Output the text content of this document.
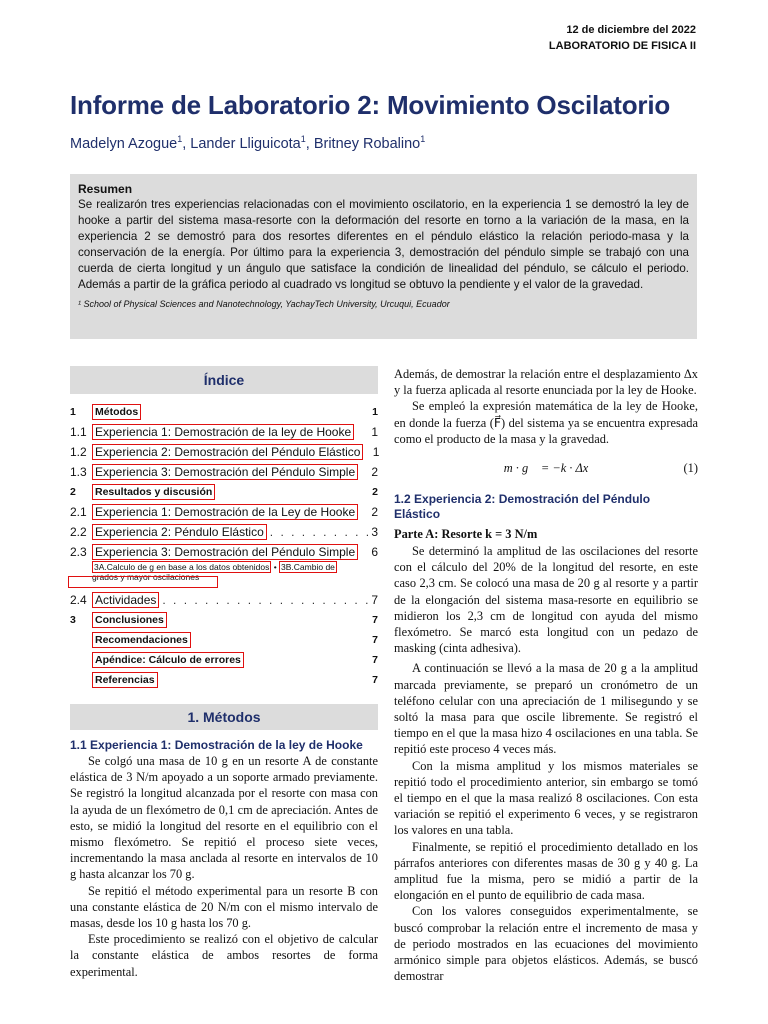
12 de diciembre del 2022
LABORATORIO DE FISICA II
Informe de Laboratorio 2: Movimiento Oscilatorio
Madelyn Azogue$^1$, Lander Lliguicota$^1$, Britney Robalino$^1$
Resumen
Se realizarón tres experiencias relacionadas con el movimiento oscilatorio, en la experiencia 1 se demostró la ley de hooke a partir del sistema masa-resorte con la deformación del resorte en torno a la variación de la masa, en la experiencia 2 se demostró para dos resortes diferentes en el péndulo elástico la relación periodo-masa y la conservación de la energía. Por último para la experiencia 3, demostración del péndulo simple se trabajó con una cuerda de cierta longitud y un ángulo que satisface la condición de linealidad del péndulo, se cálculo el periodo. Además a partir de la gráfica periodo al cuadrado vs longitud se obtuvo la pendiente y el valor de la gravedad.
¹ School of Physical Sciences and Nanotechnology, YachayTech University, Urcuqui, Ecuador
Índice
1	Métodos	1
1.1 Experiencia 1: Demostración de la ley de Hooke 1
1.2 Experiencia 2: Demostración del Péndulo Elástico 1
1.3 Experiencia 3: Demostración del Péndulo Simple 2
2	Resultados y discusión	2
2.1 Experiencia 1: Demostración de la Ley de Hooke 2
2.2 Experiencia 2: Péndulo Elástico . . .	3
2.3 Experiencia 3: Demostración del Péndulo Simple 6
3A.Calculo de g en base a los datos obtenidos • 3B.Cambio de
grados y mayor oscilaciones
2.4 Actividades . . .	7
3	Conclusiones	7
Recomendaciones	7
Apéndice: Cálculo de errores	7
Referencias	7
1. Métodos
1.1 Experiencia 1: Demostración de la ley de Hooke

Se colgó una masa de 10 g en un resorte A de constante elástica de 3 N/m apoyado a un soporte armado previamente. Se registró la longitud alcanzada por el resorte con masa con la ayuda de un flexómetro de 0,1 cm de apreciación. Antes de esto, se midió la longitud del resorte en el equilibrio con el mismo flexómetro. Se repitió el proceso siete veces, incrementando la masa anclada al resorte en intervalos de 10 g hasta alcanzar los 70 g.

Se repitió el método experimental para un resorte B con una constante elástica de 20 N/m con el mismo intervalo de masas, desde los 10 g hasta los 70 g.

Este procedimiento se realizó con el objetivo de calcular la constante elástica de ambos resortes de forma experimental.

Además, de demostrar la relación entre el desplazamiento Δx y la fuerza aplicada al resorte enunciada por la ley de Hooke.

Se empleó la expresión matemática de la ley de Hooke, en donde la fuerza (F⃗) del sistema ya se encuentra expresada como el producto de la masa y la gravedad.

m · g⃗ = −k · Δx	(1)
1.2 Experiencia 2: Demostración del Péndulo Elástico
Parte A: Resorte k = 3 N/m

Se determinó la amplitud de las oscilaciones del resorte con el cálculo del 20% de la longitud del resorte, en este caso 2,3 cm. Se colocó una masa de 20 g al resorte y a partir de la elongación del sistema masa-resorte en equilibrio se midieron los 2,3 cm de longitud con ayuda del mismo flexómetro. Se marcó esta longitud con un pedazo de masking (cinta adhesiva).

A continuación se llevó a la masa de 20 g a la amplitud marcada previamente, se preparó un cronómetro de un teléfono celular con una apreciación de 1 milisegundo y se soltó la masa para que oscile libremente. Se registró el tiempo en el que la masa hizo 4 oscilaciones en una tabla. Se repitió este proceso 4 veces más.

Con la misma amplitud y los mismos materiales se repitió todo el procedimiento anterior, sin embargo se tomó el tiempo en el que la masa realizó 8 oscilaciones. Con esta variación se repitió el experimento 6 veces, y se registraron los valores en una tabla.

Finalmente, se repitió el procedimiento detallado en los párrafos anteriores con diferentes masas de 30 g y 40 g. La amplitud fue la misma, pero se midió a partir de la elongación en el punto de equilibrio de cada masa.

Con los valores conseguidos experimentalmente, se buscó comprobar la relación entre el incremento de masa y de periodo mostrados en las ecuaciones del movimiento armónico simple para objetos elásticos. Además, se buscó demostrar
